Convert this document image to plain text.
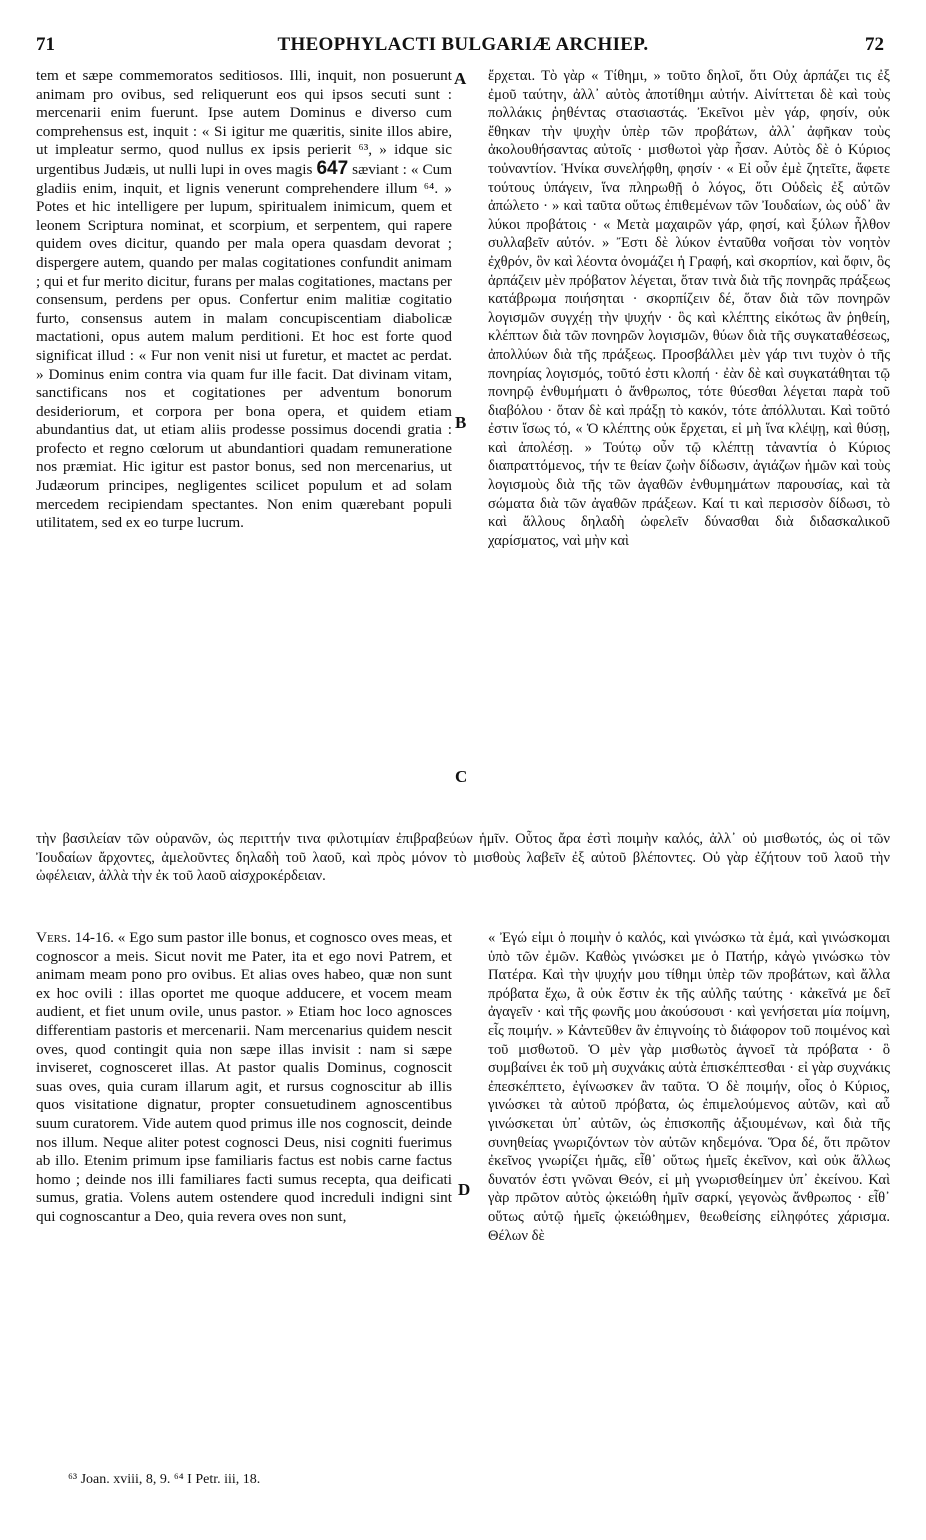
71	THEOPHYLACTI BULGARIÆ ARCHIEP.	72

tem et sæpe commemoratos seditiosos. Illi, inquit, non posuerunt animam pro ovibus, sed reliquerunt eos qui ipsos secuti sunt : mercenarii enim fuerunt. Ipse autem Dominus e diverso cum comprehensus est, inquit : « Si igitur me quæritis, sinite illos abire, ut impleatur sermo, quod nullus ex ipsis perierit ⁶³, » idque sic urgentibus Judæis, ut nulli lupi in oves magis 647 sæviant : « Cum gladiis enim, inquit, et lignis venerunt comprehendere illum ⁶⁴. » Potes et hic intelligere per lupum, spiritualem inimicum, quem et leonem Scriptura nominat, et scorpium, et serpentem, qui rapere quidem oves dicitur, quando per mala opera quasdam devorat ; dispergere autem, quando per malas cogitationes confundit animam ; qui et fur merito dicitur, furans per malas cogitationes, mactans per consensum, perdens per opus. Confertur enim malitiæ cogitatio furto, consensus autem in malam concupiscentiam diabolicæ mactationi, opus autem malum perditioni. Et hoc est forte quod significat illud : « Fur non venit nisi ut furetur, et mactet ac perdat. » Dominus enim contra via quam fur ille facit. Dat divinam vitam, sanctificans nos et cogitationes per adventum bonorum desideriorum, et corpora per bona opera, et quidem etiam abundantius dat, ut etiam aliis prodesse possimus docendi gratia : profecto et regno cœlorum ut abundantiori quadam remuneratione nos præmiat. Hic igitur est pastor bonus, sed non mercenarius, ut Judæorum principes, negligentes scilicet populum et ad solam mercedem recipiendam spectantes. Non enim quærebant populi utilitatem, sed ex eo turpe lucrum.

A
B
C
D

ἔρχεται. Τὸ γὰρ « Τίθημι, » τοῦτο δηλοῖ, ὅτι Οὐχ ἁρπάζει τις ἐξ ἐμοῦ ταύτην, ἀλλ᾽ αὐτὸς ἀποτίθημι αὐτήν. Αἰνίττεται δὲ καὶ τοὺς πολλάκις ῥηθέντας στασιαστάς. Ἐκεῖνοι μὲν γάρ, φησίν, οὐκ ἔθηκαν τὴν ψυχὴν ὑπὲρ τῶν προβάτων, ἀλλ᾽ ἀφῆκαν τοὺς ἀκολουθήσαντας αὐτοῖς · μισθωτοὶ γὰρ ἦσαν. Αὐτὸς δὲ ὁ Κύριος τοὐναντίον. Ἡνίκα συνελήφθη, φησίν · « Εἰ οὖν ἐμὲ ζητεῖτε, ἄφετε τούτους ὑπάγειν, ἵνα πληρωθῇ ὁ λόγος, ὅτι Οὐδεὶς ἐξ αὐτῶν ἀπώλετο · » καὶ ταῦτα οὕτως ἐπιθεμένων τῶν Ἰουδαίων, ὡς οὐδ᾽ ἂν λύκοι προβάτοις · « Μετὰ μαχαιρῶν γάρ, φησί, καὶ ξύλων ἦλθον συλλαβεῖν αὐτόν. » Ἔστι δὲ λύκον ἐνταῦθα νοῆσαι τὸν νοητὸν ἐχθρόν, ὃν καὶ λέοντα ὀνομάζει ἡ Γραφή, καὶ σκορπίον, καὶ ὄφιν, ὃς ἁρπάζειν μὲν πρόβατον λέγεται, ὅταν τινὰ διὰ τῆς πονηρᾶς πράξεως κατάβρωμα ποιήσηται · σκορπίζειν δέ, ὅταν διὰ τῶν πονηρῶν λογισμῶν συγχέῃ τὴν ψυχήν · ὃς καὶ κλέπτης εἰκότως ἂν ῥηθείη, κλέπτων διὰ τῶν πονηρῶν λογισμῶν, θύων διὰ τῆς συγκαταθέσεως, ἀπολλύων διὰ τῆς πράξεως. Προσβάλλει μὲν γάρ τινι τυχὸν ὁ τῆς πονηρίας λογισμός, τοῦτό ἐστι κλοπή · ἐὰν δὲ καὶ συγκατάθηται τῷ πονηρῷ ἐνθυμήματι ὁ ἄνθρωπος, τότε θύεσθαι λέγεται παρὰ τοῦ διαβόλου · ὅταν δὲ καὶ πράξῃ τὸ κακόν, τότε ἀπόλλυται. Καὶ τοῦτό ἐστιν ἴσως τό, « Ὁ κλέπτης οὐκ ἔρχεται, εἰ μὴ ἵνα κλέψῃ, καὶ θύσῃ, καὶ ἀπολέσῃ. » Τούτῳ οὖν τῷ κλέπτῃ τἀναντία ὁ Κύριος διαπραττόμενος, τήν τε θείαν ζωὴν δίδωσιν, ἁγιάζων ἡμῶν καὶ τοὺς λογισμοὺς διὰ τῆς τῶν ἀγαθῶν ἐνθυμημάτων παρουσίας, καὶ τὰ σώματα διὰ τῶν ἀγαθῶν πράξεων. Καί τι καὶ περισσὸν δίδωσι, τὸ καὶ ἄλλους δηλαδὴ ὠφελεῖν δύνασθαι διὰ διδασκαλικοῦ χαρίσματος, ναὶ μὴν καὶ

τὴν βασιλείαν τῶν οὐρανῶν, ὡς περιττήν τινα φιλοτιμίαν ἐπιβραβεύων ἡμῖν. Οὗτος ἄρα ἐστὶ ποιμὴν καλός, ἀλλ᾽ οὐ μισθωτός, ὡς οἱ τῶν Ἰουδαίων ἄρχοντες, ἀμελοῦντες δηλαδὴ τοῦ λαοῦ, καὶ πρὸς μόνον τὸ μισθοὺς λαβεῖν ἐξ αὐτοῦ βλέποντες. Οὐ γὰρ ἐζήτουν τοῦ λαοῦ τὴν ὠφέλειαν, ἀλλὰ τὴν ἐκ τοῦ λαοῦ αἰσχροκέρδειαν.

Vers. 14-16. « Ego sum pastor ille bonus, et cognosco oves meas, et cognoscor a meis. Sicut novit me Pater, ita et ego novi Patrem, et animam meam pono pro ovibus. Et alias oves habeo, quæ non sunt ex hoc ovili : illas oportet me quoque adducere, et vocem meam audient, et fiet unum ovile, unus pastor. » Etiam hoc loco agnosces differentiam pastoris et mercenarii. Nam mercenarius quidem nescit oves, quod contingit quia non sæpe illas invisit : nam si sæpe inviseret, cognosceret illas. At pastor qualis Dominus, cognoscit suas oves, quia curam illarum agit, et rursus cognoscitur ab illis quos visitatione dignatur, propter consuetudinem agnoscentibus suum curatorem. Vide autem quod primus ille nos cognoscit, deinde nos illum. Neque aliter potest cognosci Deus, nisi cogniti fuerimus ab illo. Etenim primum ipse familiaris factus est nobis carne factus homo ; deinde nos illi familiares facti sumus recepta, qua deificati sumus, gratia. Volens autem ostendere quod increduli indigni sint qui cognoscantur a Deo, quia revera oves non sunt,

« Ἐγώ εἰμι ὁ ποιμὴν ὁ καλός, καὶ γινώσκω τὰ ἐμά, καὶ γινώσκομαι ὑπὸ τῶν ἐμῶν. Καθὼς γινώσκει με ὁ Πατήρ, κἀγὼ γινώσκω τὸν Πατέρα. Καὶ τὴν ψυχήν μου τίθημι ὑπὲρ τῶν προβάτων, καὶ ἄλλα πρόβατα ἔχω, ἃ οὐκ ἔστιν ἐκ τῆς αὐλῆς ταύτης · κἀκεῖνά με δεῖ ἀγαγεῖν · καὶ τῆς φωνῆς μου ἀκούσουσι · καὶ γενήσεται μία ποίμνη, εἷς ποιμήν. » Κἀντεῦθεν ἂν ἐπιγνοίης τὸ διάφορον τοῦ ποιμένος καὶ τοῦ μισθωτοῦ. Ὁ μὲν γὰρ μισθωτὸς ἀγνοεῖ τὰ πρόβατα · ὃ συμβαίνει ἐκ τοῦ μὴ συχνάκις αὐτὰ ἐπισκέπτεσθαι · εἰ γὰρ συχνάκις ἐπεσκέπτετο, ἐγίνωσκεν ἂν ταῦτα. Ὁ δὲ ποιμήν, οἷος ὁ Κύριος, γινώσκει τὰ αὐτοῦ πρόβατα, ὡς ἐπιμελούμενος αὐτῶν, καὶ αὖ γινώσκεται ὑπ᾽ αὐτῶν, ὡς ἐπισκοπῆς ἀξιουμένων, καὶ διὰ τῆς συνηθείας γνωριζόντων τὸν αὐτῶν κηδεμόνα. Ὅρα δέ, ὅτι πρῶτον ἐκεῖνος γνωρίζει ἡμᾶς, εἶθ᾽ οὕτως ἡμεῖς ἐκεῖνον, καὶ οὐκ ἄλλως δυνατόν ἐστι γνῶναι Θεόν, εἰ μὴ γνωρισθείημεν ὑπ᾽ ἐκείνου. Καὶ γὰρ πρῶτον αὐτὸς ᾠκειώθη ἡμῖν σαρκί, γεγονὼς ἄνθρωπος · εἶθ᾽ οὕτως αὐτῷ ἡμεῖς ᾠκειώθημεν, θεωθείσης εἰληφότες χάρισμα. Θέλων δὲ

⁶³ Joan. xviii, 8, 9. ⁶⁴ I Petr. iii, 18.
